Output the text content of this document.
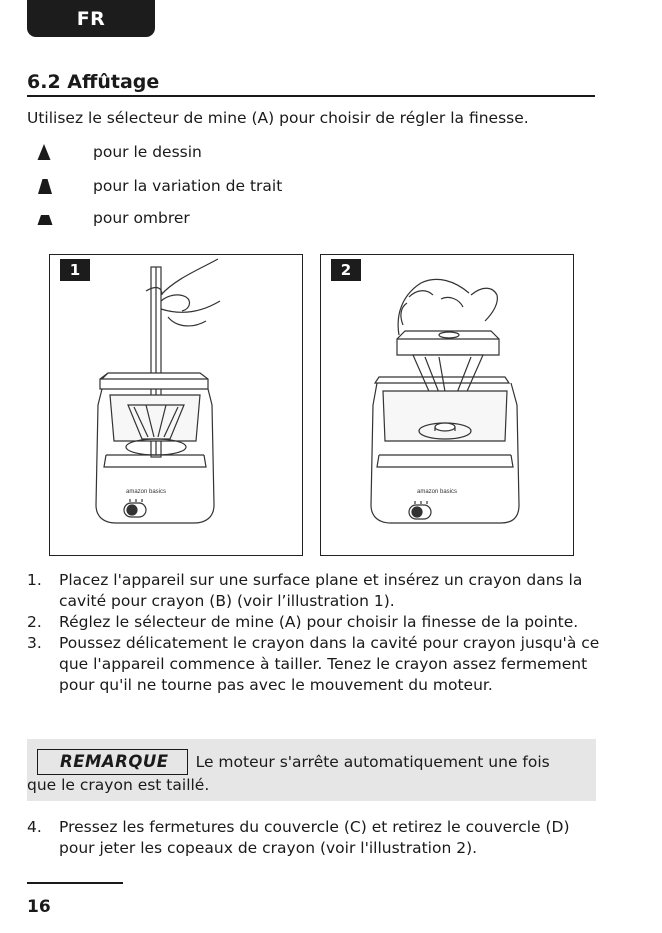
FR
6.2 Affûtage
Utilisez le sélecteur de mine (A) pour choisir de régler la finesse.
pour le dessin
pour la variation de trait
pour ombrer
amazon basics
1
amazon basics
2
1.	Placez l'appareil sur une surface plane et insérez un crayon dans la cavité pour crayon (B) (voir l’illustration 1).
2.	Réglez le sélecteur de mine (A) pour choisir la finesse de la pointe.
3.	Poussez délicatement le crayon dans la cavité pour crayon jusqu'à ce que l'appareil commence à tailler. Tenez le crayon assez fermement pour qu'il ne tourne pas avec le mouvement du moteur.
REMARQUE	Le moteur s'arrête automatiquement une fois
que le crayon est taillé.
4.	Pressez les fermetures du couvercle (C) et retirez le couvercle (D) pour jeter les copeaux de crayon (voir l'illustration 2).
16
